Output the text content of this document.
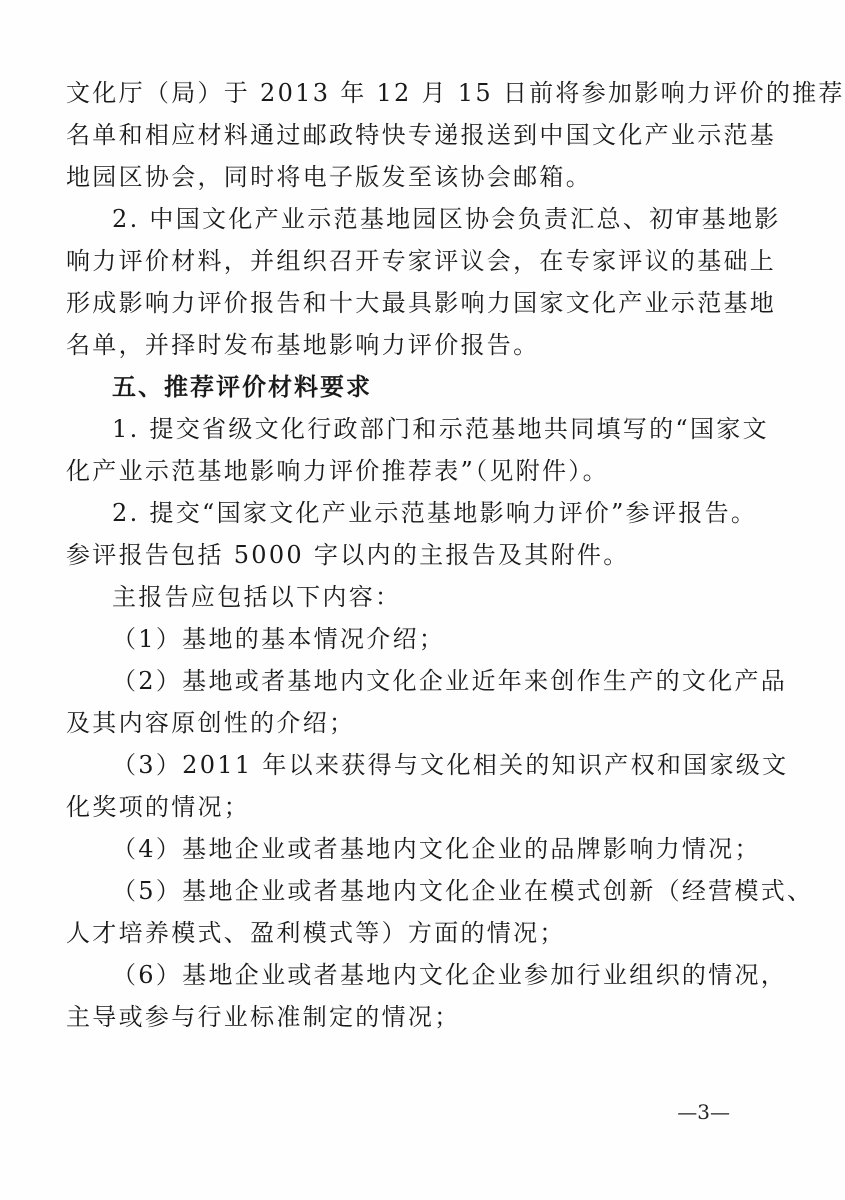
文化厅（局）于 2013 年 12 月 15 日前将参加影响力评价的推荐
名单和相应材料通过邮政特快专递报送到中国文化产业示范基
地园区协会，同时将电子版发至该协会邮箱。
2. 中国文化产业示范基地园区协会负责汇总、初审基地影
响力评价材料，并组织召开专家评议会，在专家评议的基础上
形成影响力评价报告和十大最具影响力国家文化产业示范基地
名单，并择时发布基地影响力评价报告。
五、推荐评价材料要求
1. 提交省级文化行政部门和示范基地共同填写的“国家文
化产业示范基地影响力评价推荐表”（见附件）。
2. 提交“国家文化产业示范基地影响力评价”参评报告。
参评报告包括 5000 字以内的主报告及其附件。
主报告应包括以下内容：
（1）基地的基本情况介绍；
（2）基地或者基地内文化企业近年来创作生产的文化产品
及其内容原创性的介绍；
（3）2011 年以来获得与文化相关的知识产权和国家级文
化奖项的情况；
（4）基地企业或者基地内文化企业的品牌影响力情况；
（5）基地企业或者基地内文化企业在模式创新（经营模式、
人才培养模式、盈利模式等）方面的情况；
（6）基地企业或者基地内文化企业参加行业组织的情况，
主导或参与行业标准制定的情况；
—3—
